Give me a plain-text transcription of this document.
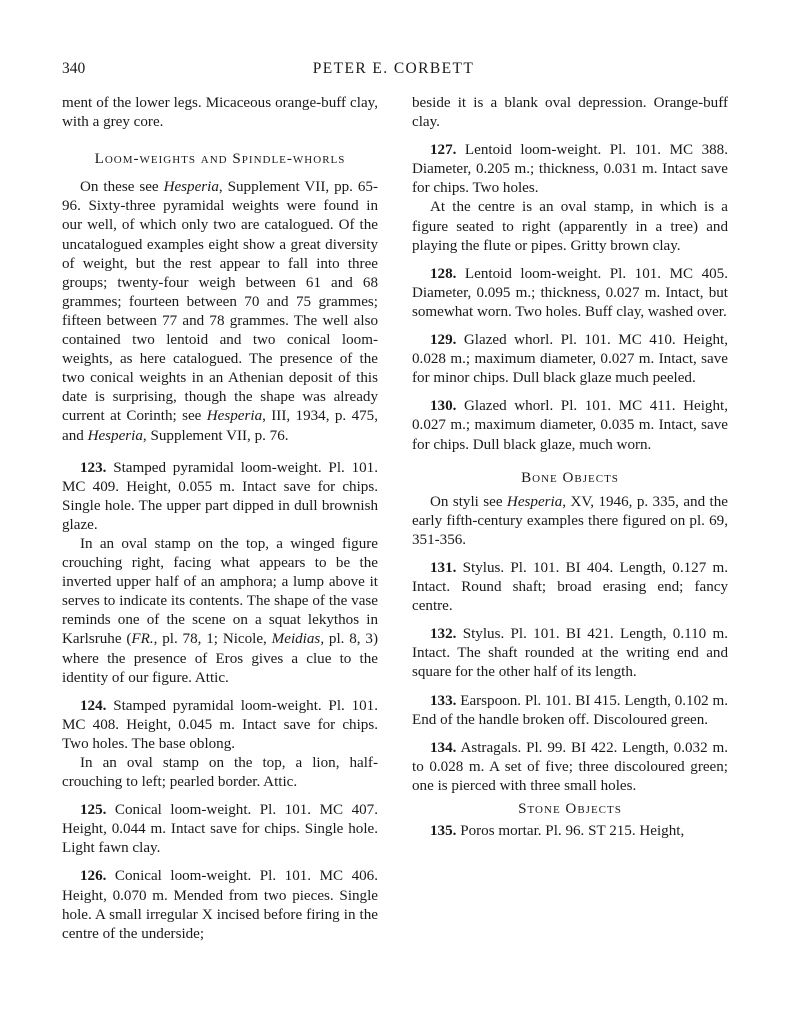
340	PETER E. CORBETT

ment of the lower legs. Micaceous orange-buff clay, with a grey core.

Loom-weights and Spindle-whorls

On these see Hesperia, Supplement VII, pp. 65-96. Sixty-three pyramidal weights were found in our well, of which only two are catalogued. Of the uncatalogued examples eight show a great diversity of weight, but the rest appear to fall into three groups; twenty-four weigh between 61 and 68 grammes; fourteen between 70 and 75 grammes; fifteen between 77 and 78 grammes. The well also contained two lentoid and two conical loom-weights, as here catalogued. The presence of the two conical weights in an Athenian deposit of this date is surprising, though the shape was already current at Corinth; see Hesperia, III, 1934, p. 475, and Hesperia, Supplement VII, p. 76.

123. Stamped pyramidal loom-weight. Pl. 101. MC 409. Height, 0.055 m. Intact save for chips. Single hole. The upper part dipped in dull brownish glaze.

In an oval stamp on the top, a winged figure crouching right, facing what appears to be the inverted upper half of an amphora; a lump above it serves to indicate its contents. The shape of the vase reminds one of the scene on a squat lekythos in Karlsruhe (FR., pl. 78, 1; Nicole, Meidias, pl. 8, 3) where the presence of Eros gives a clue to the identity of our figure. Attic.

124. Stamped pyramidal loom-weight. Pl. 101. MC 408. Height, 0.045 m. Intact save for chips. Two holes. The base oblong.

In an oval stamp on the top, a lion, half-crouching to left; pearled border. Attic.

125. Conical loom-weight. Pl. 101. MC 407. Height, 0.044 m. Intact save for chips. Single hole. Light fawn clay.

126. Conical loom-weight. Pl. 101. MC 406. Height, 0.070 m. Mended from two pieces. Single hole. A small irregular X incised before firing in the centre of the underside;

beside it is a blank oval depression. Orange-buff clay.

127. Lentoid loom-weight. Pl. 101. MC 388. Diameter, 0.205 m.; thickness, 0.031 m. Intact save for chips. Two holes.

At the centre is an oval stamp, in which is a figure seated to right (apparently in a tree) and playing the flute or pipes. Gritty brown clay.

128. Lentoid loom-weight. Pl. 101. MC 405. Diameter, 0.095 m.; thickness, 0.027 m. Intact, but somewhat worn. Two holes. Buff clay, washed over.

129. Glazed whorl. Pl. 101. MC 410. Height, 0.028 m.; maximum diameter, 0.027 m. Intact, save for minor chips. Dull black glaze much peeled.

130. Glazed whorl. Pl. 101. MC 411. Height, 0.027 m.; maximum diameter, 0.035 m. Intact, save for chips. Dull black glaze, much worn.

Bone Objects

On styli see Hesperia, XV, 1946, p. 335, and the early fifth-century examples there figured on pl. 69, 351-356.

131. Stylus. Pl. 101. BI 404. Length, 0.127 m. Intact. Round shaft; broad erasing end; fancy centre.

132. Stylus. Pl. 101. BI 421. Length, 0.110 m. Intact. The shaft rounded at the writing end and square for the other half of its length.

133. Earspoon. Pl. 101. BI 415. Length, 0.102 m. End of the handle broken off. Discoloured green.

134. Astragals. Pl. 99. BI 422. Length, 0.032 m. to 0.028 m. A set of five; three discoloured green; one is pierced with three small holes.

Stone Objects

135. Poros mortar. Pl. 96. ST 215. Height,
